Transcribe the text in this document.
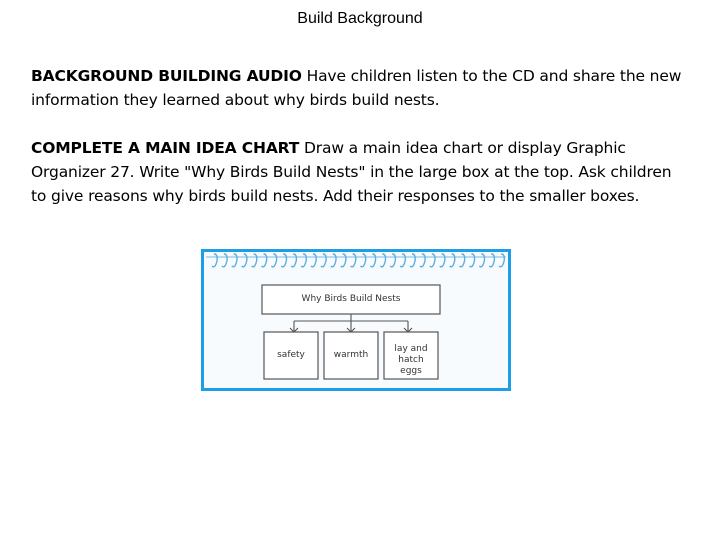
Build Background
BACKGROUND BUILDING AUDIO Have children listen to the CD and share the new information they learned about why birds build nests.
COMPLETE A MAIN IDEA CHART Draw a main idea chart or display Graphic Organizer 27. Write "Why Birds Build Nests" in the large box at the top. Ask children to give reasons why birds build nests. Add their responses to the smaller boxes.
Why Birds Build Nests
safety	warmth
lay and hatch eggs
